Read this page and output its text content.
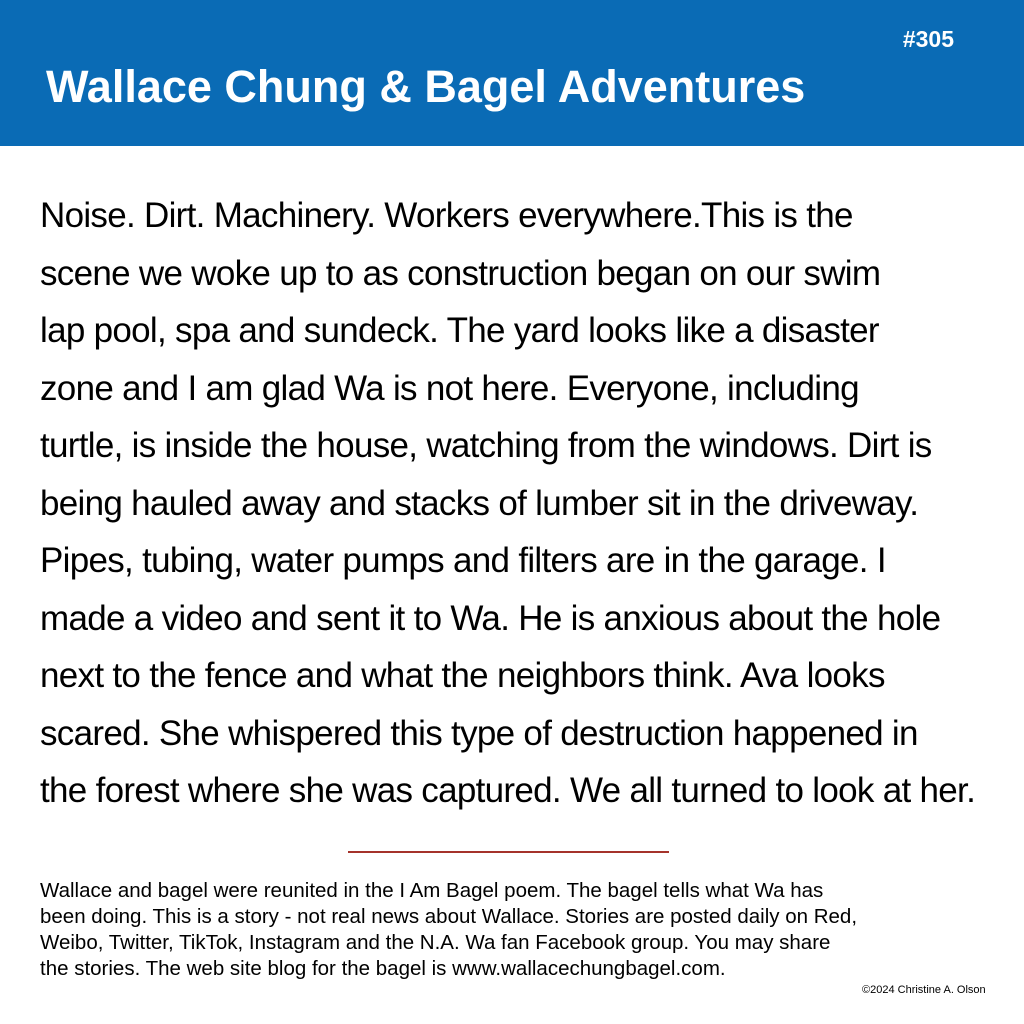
#305
Wallace Chung & Bagel Adventures
Noise. Dirt. Machinery. Workers everywhere.This is the
scene we woke up to as construction began on our swim
lap pool, spa and sundeck. The yard looks like a disaster
zone and I am glad Wa is not here. Everyone, including
turtle, is inside the house, watching from the windows. Dirt is
being hauled away and stacks of lumber sit in the driveway.
Pipes, tubing, water pumps and filters are in the garage. I
made a video and sent it to Wa. He is anxious about the hole
next to the fence and what the neighbors think. Ava looks
scared. She whispered this type of destruction happened in
the forest where she was captured. We all turned to look at her.
Wallace and bagel were reunited in the I Am Bagel poem. The bagel tells what Wa has
been doing. This is a story - not real news about Wallace. Stories are posted daily on Red,
Weibo, Twitter, TikTok, Instagram and the N.A. Wa fan Facebook group. You may share
the stories. The web site blog for the bagel is www.wallacechungbagel.com.
©2024 Christine A. Olson
